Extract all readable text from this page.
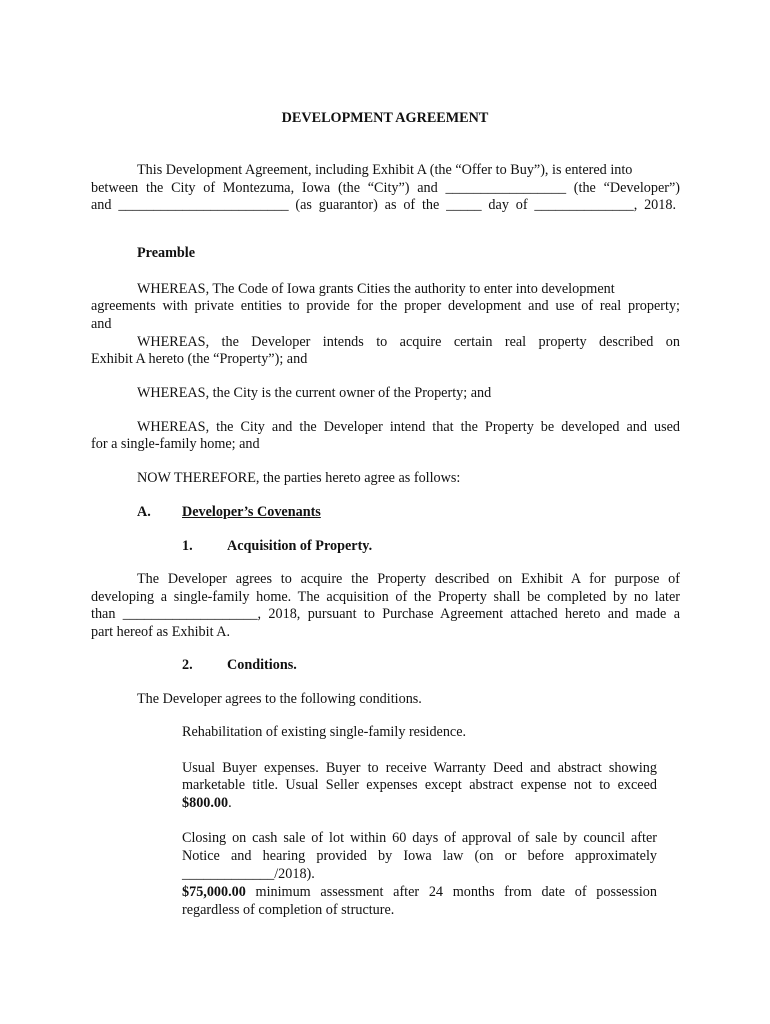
DEVELOPMENT AGREEMENT

This Development Agreement, including Exhibit A (the “Offer to Buy”), is entered into

between the City of Montezuma, Iowa (the “City”) and _________________ (the “Developer”)

and ________________________ (as guarantor) as of the _____ day of ______________, 2018.

Preamble

WHEREAS, The Code of Iowa grants Cities the authority to enter into development

agreements with private entities to provide for the proper development and use of real property;

and

WHEREAS, the Developer intends to acquire certain real property described on

Exhibit A hereto (the “Property”); and

WHEREAS, the City is the current owner of the Property; and

WHEREAS, the City and the Developer intend that the Property be developed and used

for a single-family home; and

NOW THEREFORE, the parties hereto agree as follows:

A. Developer’s Covenants
1. Acquisition of Property.

The Developer agrees to acquire the Property described on Exhibit A for purpose of

developing a single-family home. The acquisition of the Property shall be completed by no later

than ___________________, 2018, pursuant to Purchase Agreement attached hereto and made a

part hereof as Exhibit A.

2. Conditions.

The Developer agrees to the following conditions.

Rehabilitation of existing single-family residence.

Usual Buyer expenses. Buyer to receive Warranty Deed and abstract showing

marketable title. Usual Seller expenses except abstract expense not to exceed

$800.00.

Closing on cash sale of lot within 60 days of approval of sale by council after

Notice and hearing provided by Iowa law (on or before approximately

_____________/2018).

$75,000.00 minimum assessment after 24 months from date of possession

regardless of completion of structure.
